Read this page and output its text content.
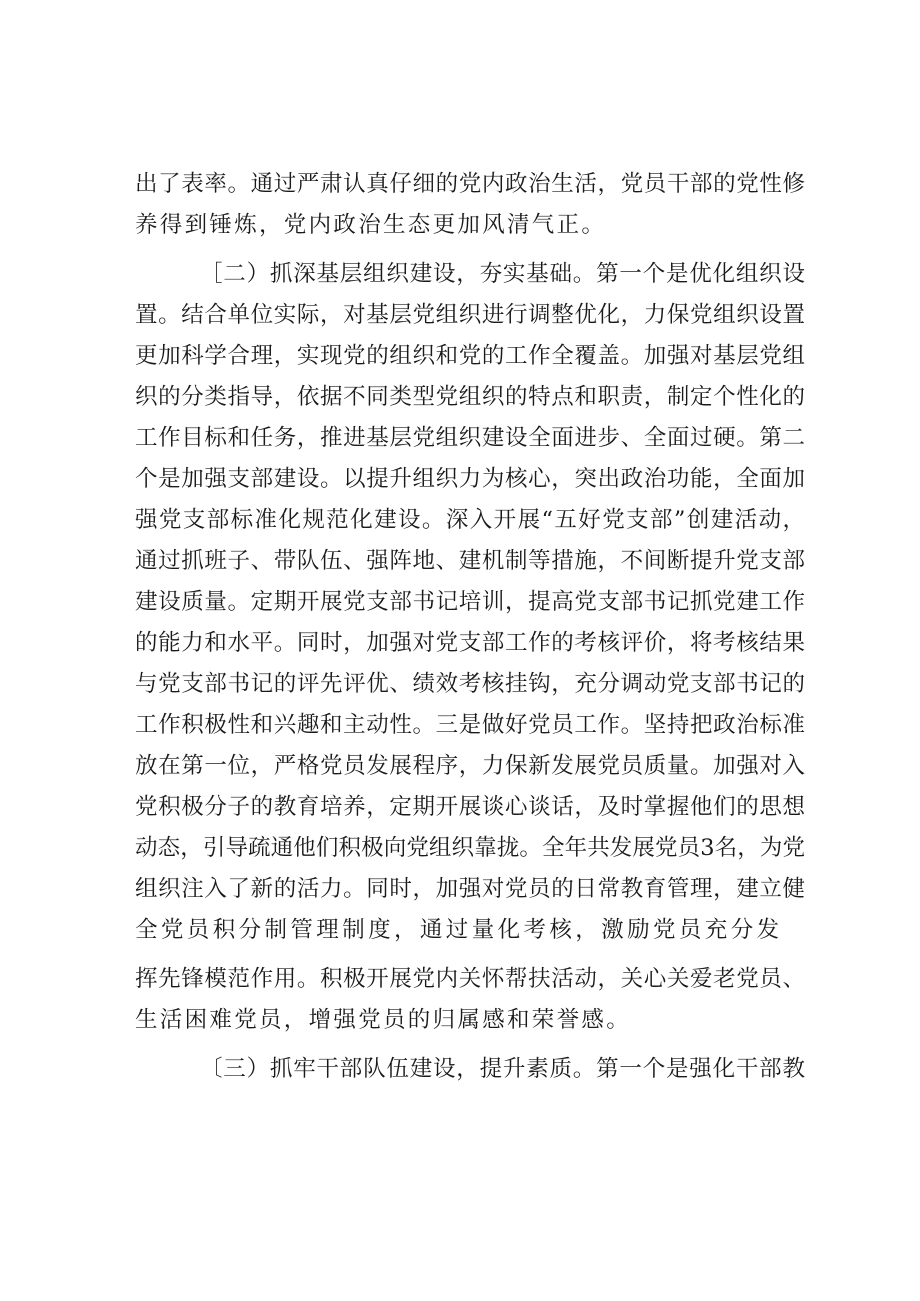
出了表率。通过严肃认真仔细的党内政治生活，党员干部的党性修
养得到锤炼，党内政治生态更加风清气正。
［二）抓深基层组织建设，夯实基础。第一个是优化组织设
置。结合单位实际，对基层党组织进行调整优化，力保党组织设置
更加科学合理，实现党的组织和党的工作全覆盖。加强对基层党组
织的分类指导，依据不同类型党组织的特点和职责，制定个性化的
工作目标和任务，推进基层党组织建设全面进步、全面过硬。第二
个是加强支部建设。以提升组织力为核心，突出政治功能，全面加
强党支部标准化规范化建设。深入开展“五好党支部”创建活动，
通过抓班子、带队伍、强阵地、建机制等措施，不间断提升党支部
建设质量。定期开展党支部书记培训，提高党支部书记抓党建工作
的能力和水平。同时，加强对党支部工作的考核评价，将考核结果
与党支部书记的评先评优、绩效考核挂钩，充分调动党支部书记的
工作积极性和兴趣和主动性。三是做好党员工作。坚持把政治标准
放在第一位，严格党员发展程序，力保新发展党员质量。加强对入
党积极分子的教育培养，定期开展谈心谈话，及时掌握他们的思想
动态，引导疏通他们积极向党组织靠拢。全年共发展党员3名，为党
组织注入了新的活力。同时，加强对党员的日常教育管理，建立健
全党员积分制管理制度，通过量化考核，激励党员充分发
挥先锋模范作用。积极开展党内关怀帮扶活动，关心关爱老党员、
生活困难党员，增强党员的归属感和荣誉感。
〔三）抓牢干部队伍建设，提升素质。第一个是强化干部教
